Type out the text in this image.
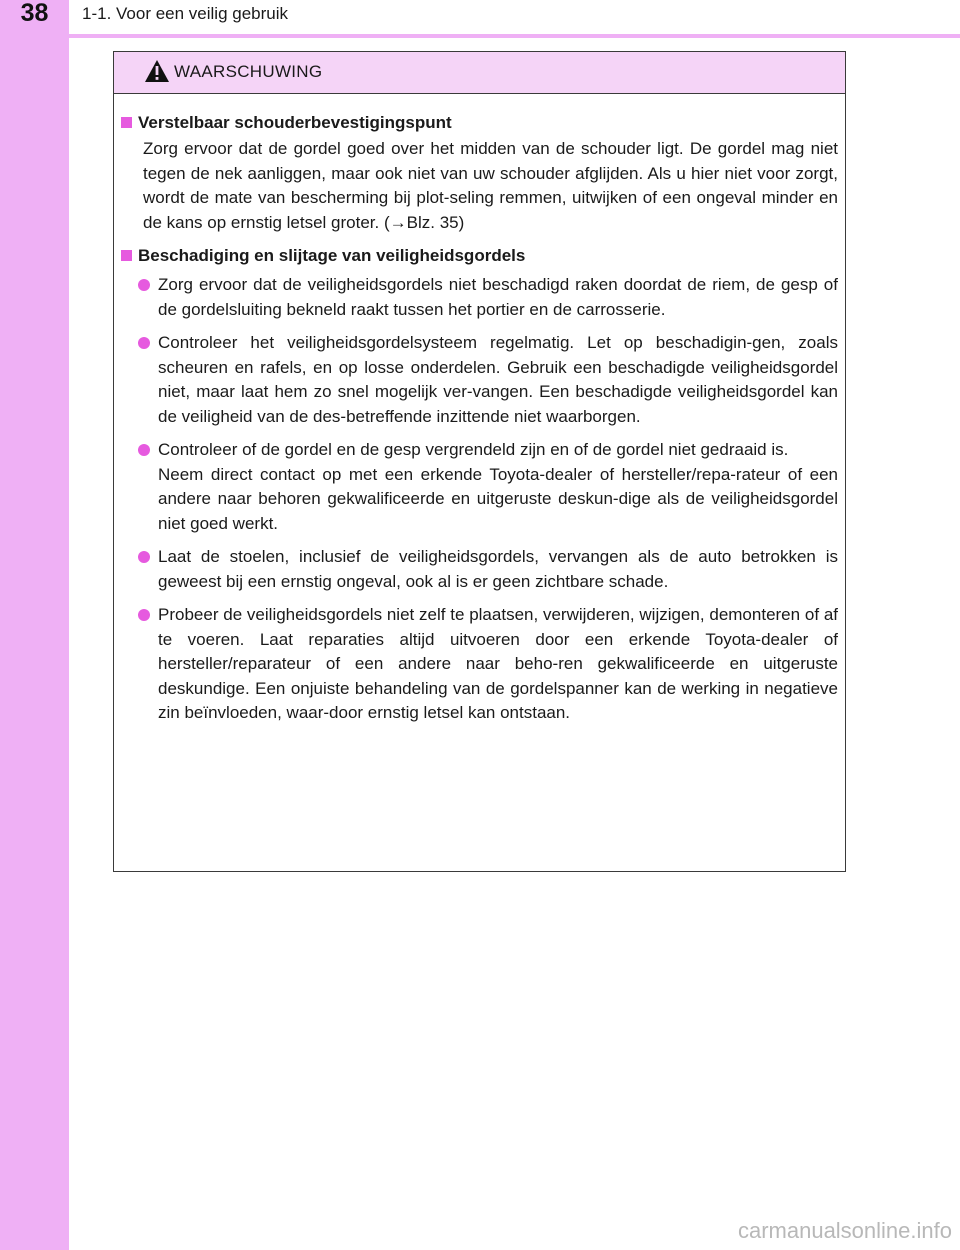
38	1-1. Voor een veilig gebruik
WAARSCHUWING
Verstelbaar schouderbevestigingspunt
Zorg ervoor dat de gordel goed over het midden van de schouder ligt. De gordel mag niet tegen de nek aanliggen, maar ook niet van uw schouder afglijden. Als u hier niet voor zorgt, wordt de mate van bescherming bij plot-seling remmen, uitwijken of een ongeval minder en de kans op ernstig letsel groter. (→Blz. 35)
Beschadiging en slijtage van veiligheidsgordels
Zorg ervoor dat de veiligheidsgordels niet beschadigd raken doordat de riem, de gesp of de gordelsluiting bekneld raakt tussen het portier en de carrosserie.
Controleer het veiligheidsgordelsysteem regelmatig. Let op beschadigin-gen, zoals scheuren en rafels, en op losse onderdelen. Gebruik een beschadigde veiligheidsgordel niet, maar laat hem zo snel mogelijk ver-vangen. Een beschadigde veiligheidsgordel kan de veiligheid van de des-betreffende inzittende niet waarborgen.
Controleer of de gordel en de gesp vergrendeld zijn en of de gordel niet gedraaid is.
Neem direct contact op met een erkende Toyota-dealer of hersteller/repa-rateur of een andere naar behoren gekwalificeerde en uitgeruste deskun-dige als de veiligheidsgordel niet goed werkt.
Laat de stoelen, inclusief de veiligheidsgordels, vervangen als de auto betrokken is geweest bij een ernstig ongeval, ook al is er geen zichtbare schade.
Probeer de veiligheidsgordels niet zelf te plaatsen, verwijderen, wijzigen, demonteren of af te voeren. Laat reparaties altijd uitvoeren door een erkende Toyota-dealer of hersteller/reparateur of een andere naar beho-ren gekwalificeerde en uitgeruste deskundige. Een onjuiste behandeling van de gordelspanner kan de werking in negatieve zin beïnvloeden, waar-door ernstig letsel kan ontstaan.
carmanualsonline.info
